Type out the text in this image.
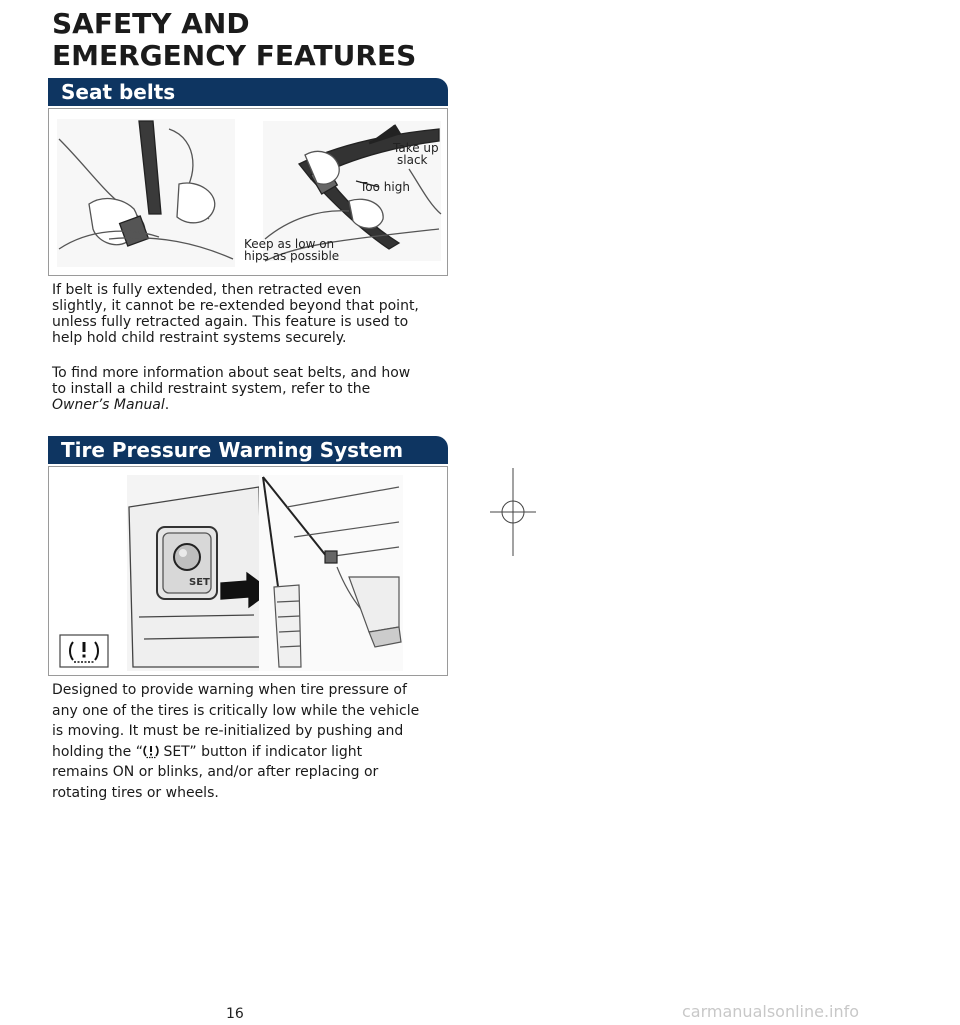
SAFETY AND
EMERGENCY FEATURES
Seat belts
Take up
slack
Too high
Keep as low on
hips as possible
If belt is fully extended, then retracted even
slightly, it cannot be re-extended beyond that point,
unless fully retracted again. This feature is used to
help hold child restraint systems securely.
To find more information about seat belts, and how
to install a child restraint system, refer to the
Owner’s Manual.
Tire Pressure Warning System
SET
Designed to provide warning when tire pressure of
any one of the tires is critically low while the vehicle
is moving. It must be re-initialized by pushing and
holding the “ SET” button if indicator light
remains ON or blinks, and/or after replacing or
rotating tires or wheels.
16	carmanualsonline.info
